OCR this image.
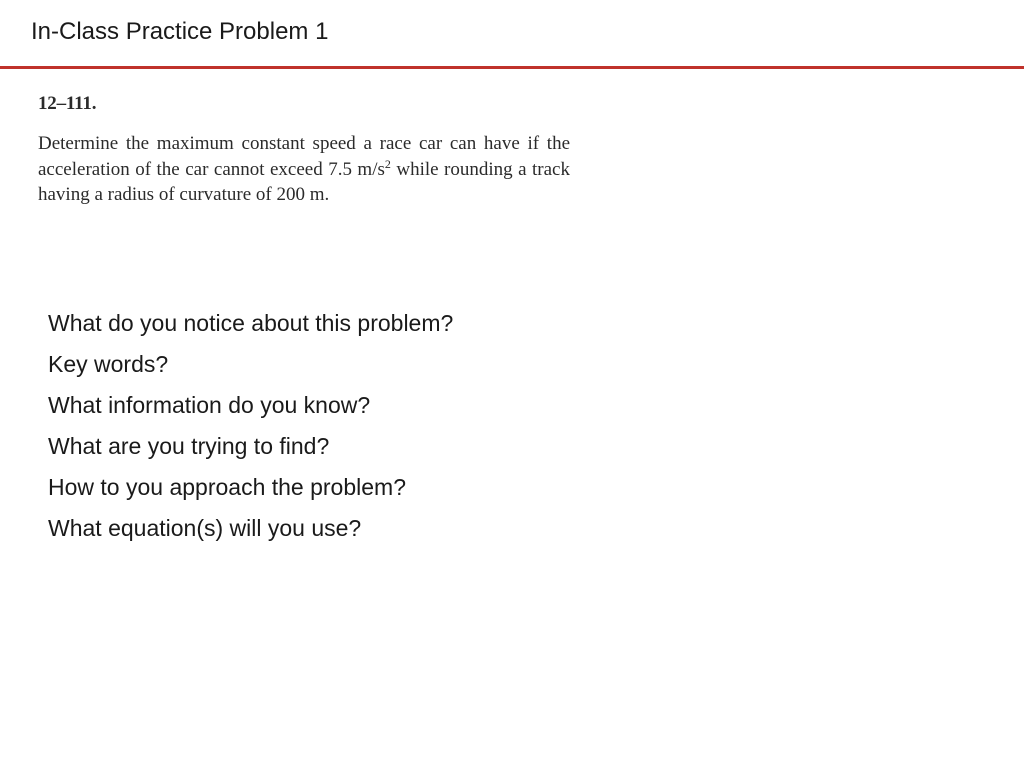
In-Class Practice Problem 1
12–111.

Determine the maximum constant speed a race car can have if the acceleration of the car cannot exceed 7.5 $m/s^2$ while rounding a track having a radius of curvature of 200 m.

What do you notice about this problem?
Key words?
What information do you know?
What are you trying to find?
How to you approach the problem?
What equation(s) will you use?
